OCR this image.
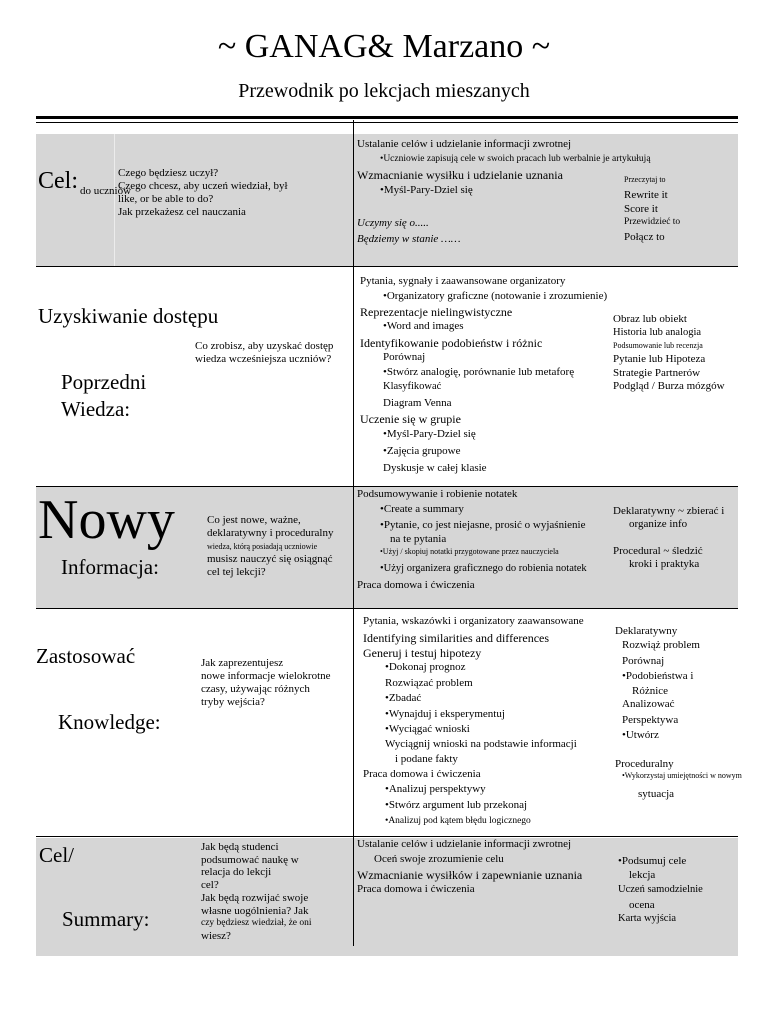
~ GANAG& Marzano ~
Przewodnik po lekcjach mieszanych
Cel: do uczniów
Czego będziesz uczył?
Czego chcesz, aby uczeń wiedział, był
like, or be able to do?
Jak przekażesz cel nauczania
Ustalanie celów i udzielanie informacji zwrotnej
•Uczniowie zapisują cele w swoich pracach lub werbalnie je artykułują
Wzmacnianie wysiłku i udzielanie uznania
•Myśl-Pary-Dziel się
Uczymy się o.....
Będziemy w stanie ……
Przeczytaj to
Rewrite it
Score it
Przewidzieć to
Połącz to
Uzyskiwanie dostępu
Poprzedni
Wiedza:
Co zrobisz, aby uzyskać dostęp
wiedza wcześniejsza uczniów?
Pytania, sygnały i zaawansowane organizatory
•Organizatory graficzne (notowanie i zrozumienie)
Reprezentacje nielingwistyczne
•Word and images
Identyfikowanie podobieństw i różnic
Porównaj
•Stwórz analogię, porównanie lub metaforę
Klasyfikować
Diagram Venna
Uczenie się w grupie
•Myśl-Pary-Dziel się
•Zajęcia grupowe
Dyskusje w całej klasie
Obraz lub obiekt
Historia lub analogia
Podsumowanie lub recenzja
Pytanie lub Hipoteza
Strategie Partnerów
Podgląd / Burza mózgów
Nowy
Informacja:
Co jest nowe, ważne,
deklaratywny i proceduralny
wiedza, którą posiadają uczniowie
musisz nauczyć się osiągnąć
cel tej lekcji?
Podsumowywanie i robienie notatek
•Create a summary
•Pytanie, co jest niejasne, prosić o wyjaśnienie
na te pytania
•Użyj / skopiuj notatki przygotowane przez nauczyciela
•Użyj organizera graficznego do robienia notatek
Praca domowa i ćwiczenia
Deklaratywny ~ zbierać i
organize info
Procedural ~ śledzić
kroki i praktyka
Zastosować
Knowledge:
Jak zaprezentujesz
nowe informacje wielokrotne
czasy, używając różnych
tryby wejścia?
Pytania, wskazówki i organizatory zaawansowane
Identifying similarities and differences
Generuj i testuj hipotezy
•Dokonaj prognoz
Rozwiązać problem
•Zbadać
•Wynajduj i eksperymentuj
•Wyciągać wnioski
Wyciągnij wnioski na podstawie informacji
i podane fakty
Praca domowa i ćwiczenia
•Analizuj perspektywy
•Stwórz argument lub przekonaj
•Analizuj pod kątem błędu logicznego
Deklaratywny
Rozwiąż problem
Porównaj
•Podobieństwa i
Różnice
Analizować
Perspektywa
•Utwórz
Proceduralny
•Wykorzystaj umiejętności w nowym
sytuacja
Cel/
Summary:
Jak będą studenci
podsumować naukę w
relacja do lekcji
cel?
Jak będą rozwijać swoje
własne uogólnienia? Jak
czy będziesz wiedział, że oni
wiesz?
Ustalanie celów i udzielanie informacji zwrotnej
Oceń swoje zrozumienie celu
Wzmacnianie wysiłków i zapewnianie uznania
Praca domowa i ćwiczenia
•Podsumuj cele
lekcja
Uczeń samodzielnie
ocena
Karta wyjścia
